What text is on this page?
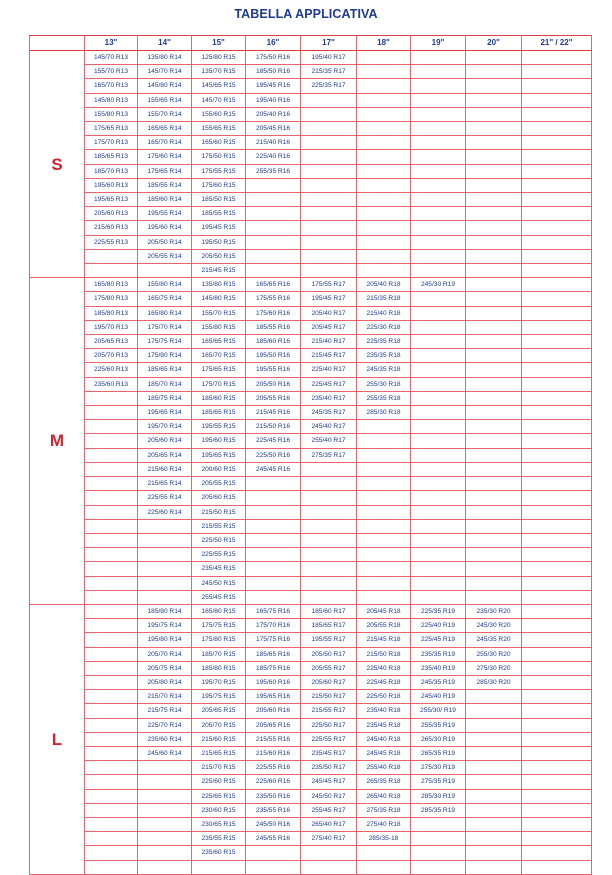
TABELLA APPLICATIVA
	13"	14"	15"	16"	17"	18"	19"	20"	21" / 22"
S	145/70 R13	135/80 R14	125/80 R15	175/50 R16	195/40 R17				
	155/70 R13	145/70 R14	135/70 R15	185/50 R16	215/35 R17				
	165/70 R13	145/80 R14	145/65 R15	195/45 R16	225/35 R17				
	145/80 R13	155/65 R14	145/70 R15	195/40 R16					
	155/80 R13	155/70 R14	155/60 R15	205/40 R16					
	175/65 R13	165/65 R14	155/65 R15	205/45 R16					
	175/70 R13	165/70 R14	165/60 R15	215/40 R16					
	185/65 R13	175/60 R14	175/50 R15	225/40 R16					
	185/70 R13	175/65 R14	175/55 R15	255/35 R16					
	195/60 R13	185/55 R14	175/60 R15						
	195/65 R13	185/60 R14	185/50 R15						
	205/60 R13	195/55 R14	185/55 R15						
	215/60 R13	195/60 R14	195/45 R15						
	225/55 R13	205/50 R14	195/50 R15						
		205/55 R14	205/50 R15						
			215/45 R15						
M	165/80 R13	155/80 R14	135/80 R15	165/65 R16	175/55 R17	205/40 R18	245/30 R19		
	175/80 R13	165/75 R14	145/80 R15	175/55 R16	195/45 R17	215/35 R18			
	185/80 R13	165/80 R14	155/70 R15	175/60 R16	205/40 R17	215/40 R18			
	195/70 R13	175/70 R14	155/80 R15	185/55 R16	205/45 R17	225/30 R18			
	205/65 R13	175/75 R14	165/65 R15	185/60 R16	215/40 R17	225/35 R18			
	205/70 R13	175/80 R14	165/70 R15	195/50 R16	215/45 R17	235/35 R18			
	225/60 R13	185/65 R14	175/65 R15	195/55 R16	225/40 R17	245/35 R18			
	235/60 R13	185/70 R14	175/70 R15	205/50 R16	225/45 R17	255/30 R18			
		185/75 R14	185/60 R15	205/55 R16	235/40 R17	255/35 R18			
		195/65 R14	185/65 R15	215/45 R16	245/35 R17	285/30 R18			
		195/70 R14	195/55 R15	215/50 R16	245/40 R17				
		205/60 R14	195/60 R15	225/45 R16	255/40 R17				
		205/65 R14	195/65 R15	225/50 R16	275/35 R17				
		215/60 R14	200/60 R15	245/45 R16					
		215/65 R14	205/55 R15						
		225/55 R14	205/60 R15						
		225/60 R14	215/50 R15						
			215/55 R15						
			225/50 R15						
			225/55 R15						
			235/45 R15						
			245/50 R15						
			255/45 R15						
L		185/80 R14	165/80 R15	165/75 R16	185/60 R17	205/45 R18	225/35 R19	235/30 R20	
		195/75 R14	175/75 R15	175/70 R16	185/65 R17	205/55 R18	225/40 R19	245/30 R20	
		195/80 R14	175/80 R15	175/75 R16	195/55 R17	215/45 R18	225/45 R19	245/35 R20	
		205/70 R14	185/70 R15	185/65 R16	205/50 R17	215/50 R18	235/35 R19	255/30 R20	
		205/75 R14	185/80 R15	185/75 R16	205/55 R17	225/40 R18	235/40 R19	275/30 R20	
		205/80 R14	195/70 R15	195/60 R16	205/60 R17	225/45 R18	245/35 R19	285/30 R20	
		215/70 R14	195/75 R15	195/65 R16	215/50 R17	225/50 R18	245/40 R19		
		215/75 R14	205/65 R15	205/60 R16	215/55 R17	235/40 R18	255/30/ R19		
		225/70 R14	205/70 R15	205/65 R16	225/50 R17	235/45 R18	255/35 R19		
		235/60 R14	215/60 R15	215/55 R16	225/55 R17	245/40 R18	265/30 R19		
		245/60 R14	215/65 R15	215/60 R16	235/45 R17	245/45 R18	265/35 R19		
			215/70 R15	225/55 R16	235/50 R17	255/40 R18	275/30 R19		
			225/60 R15	225/60 R16	245/45 R17	265/35 R18	275/35 R19		
			225/65 R15	235/50 R16	245/50 R17	265/40 R18	285/30 R19		
			230/60 R15	235/55 R16	255/45 R17	275/35 R18	285/35 R19		
			230/65 R15	245/50 R16	265/40 R17	275/40 R18			
			235/55 R15	245/55 R16	275/40 R17	285/35-18			
			235/60 R15						
